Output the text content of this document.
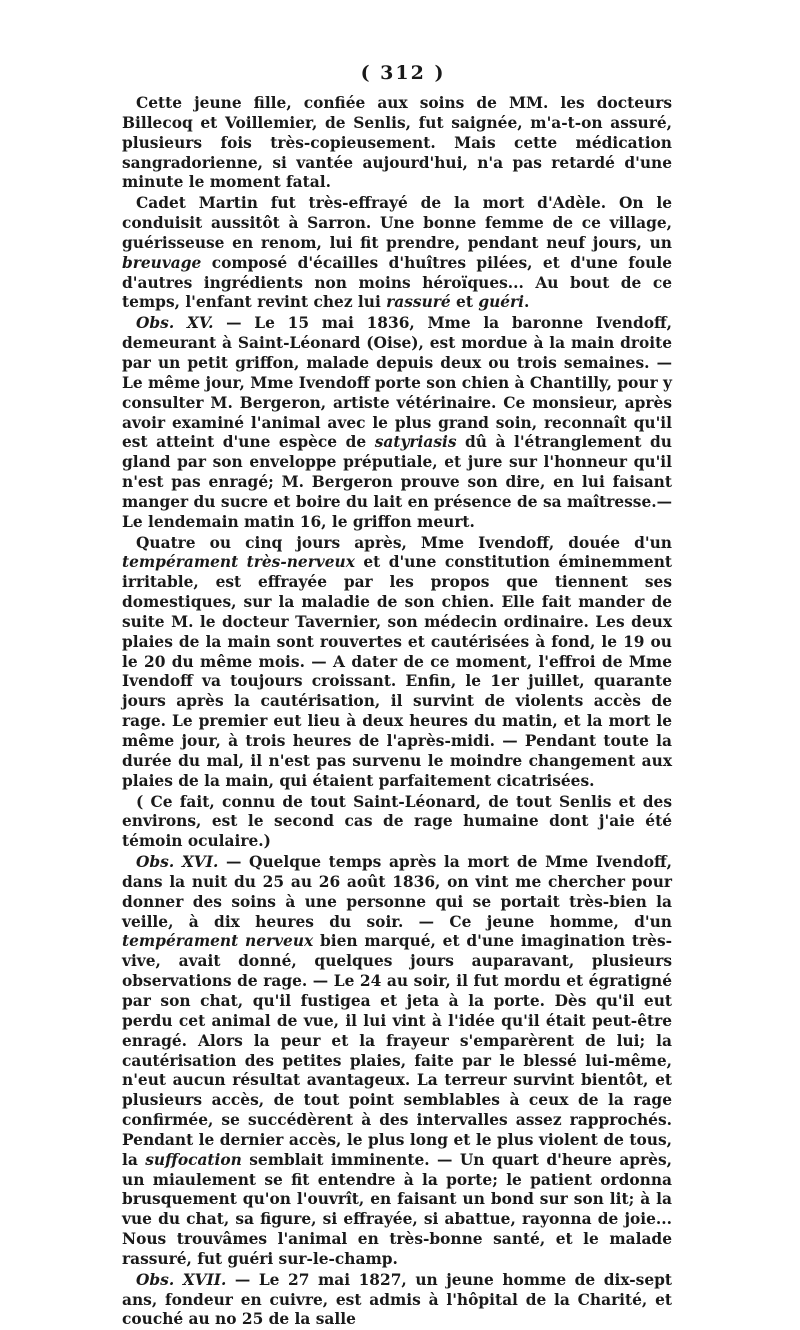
( 312 )

Cette jeune fille, confiée aux soins de MM. les docteurs Billecoq et Voillemier, de Senlis, fut saignée, m'a-t-on assuré, plusieurs fois très-copieusement. Mais cette médication sangradorienne, si vantée aujourd'hui, n'a pas retardé d'une minute le moment fatal.

Cadet Martin fut très-effrayé de la mort d'Adèle. On le conduisit aussitôt à Sarron. Une bonne femme de ce village, guérisseuse en renom, lui fit prendre, pendant neuf jours, un breuvage composé d'écailles d'huîtres pilées, et d'une foule d'autres ingrédients non moins héroïques... Au bout de ce temps, l'enfant revint chez lui rassuré et guéri.

Obs. XV. — Le 15 mai 1836, Mme la baronne Ivendoff, demeurant à Saint-Léonard (Oise), est mordue à la main droite par un petit griffon, malade depuis deux ou trois semaines. — Le même jour, Mme Ivendoff porte son chien à Chantilly, pour y consulter M. Bergeron, artiste vétérinaire. Ce monsieur, après avoir examiné l'animal avec le plus grand soin, reconnaît qu'il est atteint d'une espèce de satyriasis dû à l'étranglement du gland par son enveloppe préputiale, et jure sur l'honneur qu'il n'est pas enragé; M. Bergeron prouve son dire, en lui faisant manger du sucre et boire du lait en présence de sa maîtresse.— Le lendemain matin 16, le griffon meurt.

Quatre ou cinq jours après, Mme Ivendoff, douée d'un tempérament très-nerveux et d'une constitution éminemment irritable, est effrayée par les propos que tiennent ses domestiques, sur la maladie de son chien. Elle fait mander de suite M. le docteur Tavernier, son médecin ordinaire. Les deux plaies de la main sont rouvertes et cautérisées à fond, le 19 ou le 20 du même mois. — A dater de ce moment, l'effroi de Mme Ivendoff va toujours croissant. Enfin, le 1er juillet, quarante jours après la cautérisation, il survint de violents accès de rage. Le premier eut lieu à deux heures du matin, et la mort le même jour, à trois heures de l'après-midi. — Pendant toute la durée du mal, il n'est pas survenu le moindre changement aux plaies de la main, qui étaient parfaitement cicatrisées.

( Ce fait, connu de tout Saint-Léonard, de tout Senlis et des environs, est le second cas de rage humaine dont j'aie été témoin oculaire.)

Obs. XVI. — Quelque temps après la mort de Mme Ivendoff, dans la nuit du 25 au 26 août 1836, on vint me chercher pour donner des soins à une personne qui se portait très-bien la veille, à dix heures du soir. — Ce jeune homme, d'un tempérament nerveux bien marqué, et d'une imagination très-vive, avait donné, quelques jours auparavant, plusieurs observations de rage. — Le 24 au soir, il fut mordu et égratigné par son chat, qu'il fustigea et jeta à la porte. Dès qu'il eut perdu cet animal de vue, il lui vint à l'idée qu'il était peut-être enragé. Alors la peur et la frayeur s'emparèrent de lui; la cautérisation des petites plaies, faite par le blessé lui-même, n'eut aucun résultat avantageux. La terreur survint bientôt, et plusieurs accès, de tout point semblables à ceux de la rage confirmée, se succédèrent à des intervalles assez rapprochés. Pendant le dernier accès, le plus long et le plus violent de tous, la suffocation semblait imminente. — Un quart d'heure après, un miaulement se fit entendre à la porte; le patient ordonna brusquement qu'on l'ouvrît, en faisant un bond sur son lit; à la vue du chat, sa figure, si effrayée, si abattue, rayonna de joie... Nous trouvâmes l'animal en très-bonne santé, et le malade rassuré, fut guéri sur-le-champ.

Obs. XVII. — Le 27 mai 1827, un jeune homme de dix-sept ans, fondeur en cuivre, est admis à l'hôpital de la Charité, et couché au no 25 de la salle
